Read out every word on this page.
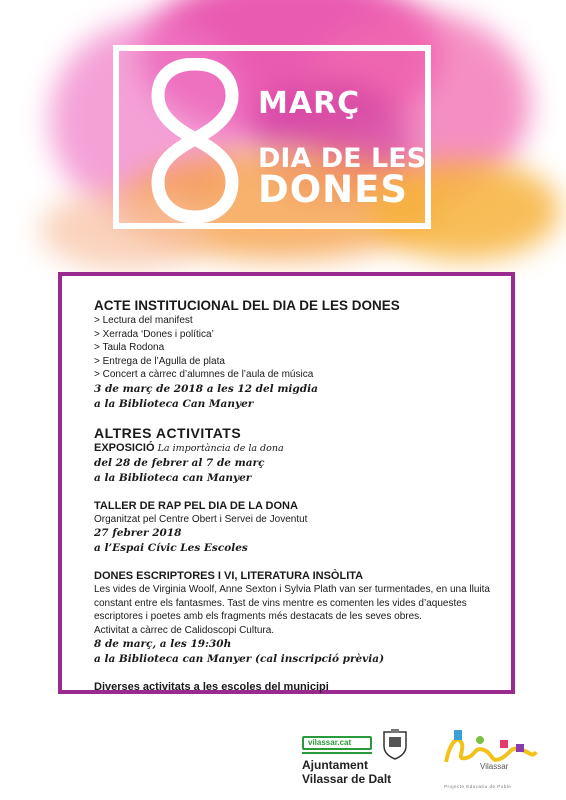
MARÇ
DIA DE LES
DONES

ACTE INSTITUCIONAL DEL DIA DE LES DONES

> Lectura del manifest

> Xerrada ‘Dones i política’

> Taula Rodona

> Entrega de l’Agulla de plata

> Concert a càrrec d’alumnes de l’aula de música

3 de març de 2018 a les 12 del migdia

a la Biblioteca Can Manyer

ALTRES ACTIVITATS

EXPOSICIÓ La importància de la dona

del 28 de febrer al 7 de març

a la Biblioteca can Manyer

TALLER DE RAP PEL DIA DE LA DONA

Organitzat pel Centre Obert i Servei de Joventut

27 febrer 2018

a l’Espai Cívic Les Escoles

DONES ESCRIPTORES I VI, LITERATURA INSÒLITA

Les vides de Virginia Woolf, Anne Sexton i Sylvia Plath van ser turmentades, en una lluita

constant entre els fantasmes. Tast de vins mentre es comenten les vides d’aquestes

escriptores i poetes amb els fragments més destacats de les seves obres.

Activitat a càrrec de Calidoscopi Cultura.

8 de març, a les 19:30h

a la Biblioteca can Manyer (cal inscripció prèvia)

Diverses activitats a les escoles del municipi

vilassar.cat
Ajuntament
Vilassar de Dalt
Vilassar
Projecte Educatiu de Poble
